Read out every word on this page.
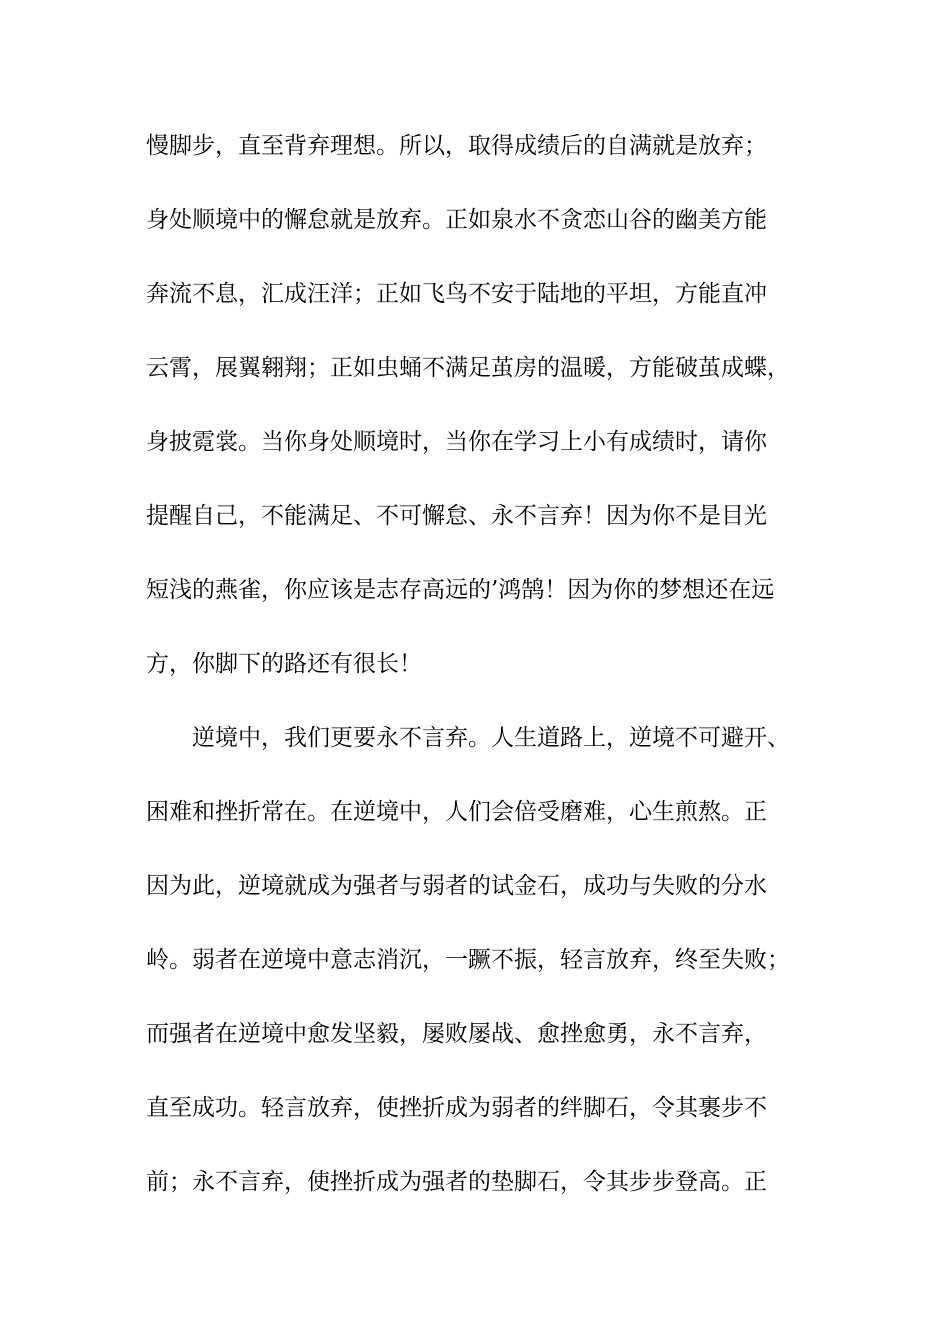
慢脚步，直至背弃理想。所以，取得成绩后的自满就是放弃；
身处顺境中的懈怠就是放弃。正如泉水不贪恋山谷的幽美方能
奔流不息，汇成汪洋；正如飞鸟不安于陆地的平坦，方能直冲
云霄，展翼翱翔；正如虫蛹不满足茧房的温暖，方能破茧成蝶，
身披霓裳。当你身处顺境时，当你在学习上小有成绩时，请你
提醒自己，不能满足、不可懈怠、永不言弃！因为你不是目光
短浅的燕雀，你应该是志存高远的’鸿鹄！因为你的梦想还在远
方，你脚下的路还有很长！
逆境中，我们更要永不言弃。人生道路上，逆境不可避开、
困难和挫折常在。在逆境中，人们会倍受磨难，心生煎熬。正
因为此，逆境就成为强者与弱者的试金石，成功与失败的分水
岭。弱者在逆境中意志消沉，一蹶不振，轻言放弃，终至失败；
而强者在逆境中愈发坚毅，屡败屡战、愈挫愈勇，永不言弃，
直至成功。轻言放弃，使挫折成为弱者的绊脚石，令其裹步不
前；永不言弃，使挫折成为强者的垫脚石，令其步步登高。正
